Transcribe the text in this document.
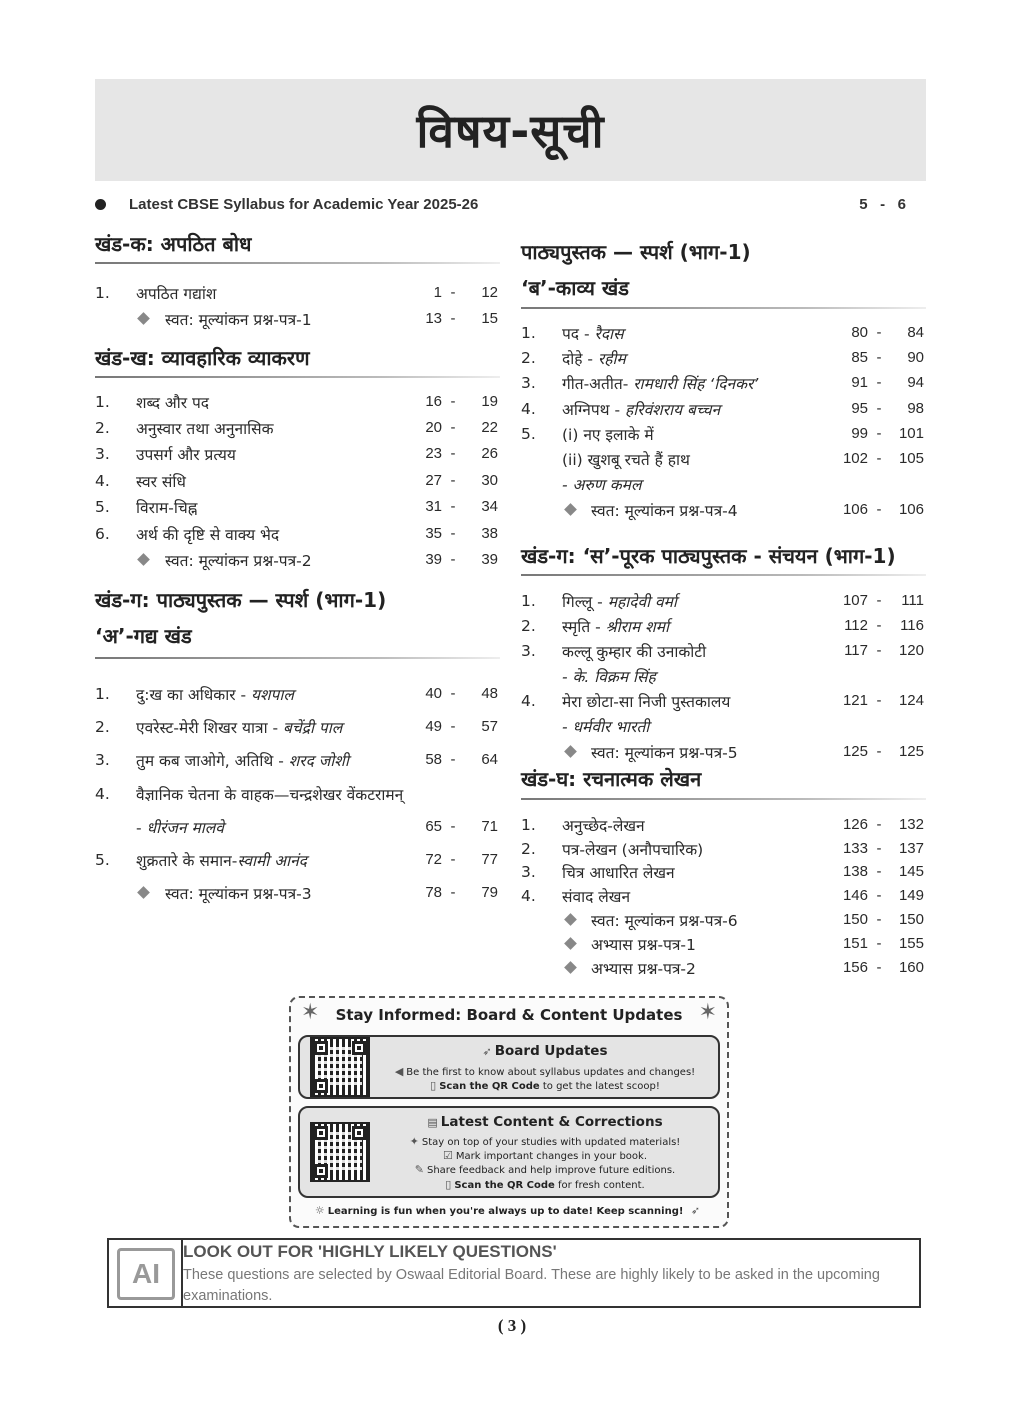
विषय-सूची
Latest CBSE Syllabus for Academic Year 2025-26	5 - 6
खंड-क: अपठित बोध
1.	अपठित गद्यांश	1 - 12
स्वत: मूल्यांकन प्रश्न-पत्र-1	13 - 15
खंड-ख: व्यावहारिक व्याकरण
1.	शब्द और पद	16 - 19
2.	अनुस्वार तथा अनुनासिक	20 - 22
3.	उपसर्ग और प्रत्यय	23 - 26
4.	स्वर संधि	27 - 30
5.	विराम-चिह्न	31 - 34
6.	अर्थ की दृष्टि से वाक्य भेद	35 - 38
स्वत: मूल्यांकन प्रश्न-पत्र-2	39 - 39
खंड-ग: पाठ्यपुस्तक — स्पर्श (भाग-1)
‘अ’-गद्य खंड
1.	दु:ख का अधिकार - यशपाल	40 - 48
2.	एवरेस्ट-मेरी शिखर यात्रा - बचेंद्री पाल	49 - 57
3.	तुम कब जाओगे, अतिथि - शरद जोशी	58 - 64
4.	वैज्ञानिक चेतना के वाहक—चन्द्रशेखर वेंकटरामन्
- धीरंजन मालवे	65 - 71
5.	शुक्रतारे के समान-स्वामी आनंद	72 - 77
स्वत: मूल्यांकन प्रश्न-पत्र-3	78 - 79
पाठ्यपुस्तक — स्पर्श (भाग-1)
‘ब’-काव्य खंड
1.	पद - रैदास	80 - 84
2.	दोहे - रहीम	85 - 90
3.	गीत-अतीत- रामधारी सिंह ‘दिनकर’	91 - 94
4.	अग्निपथ - हरिवंशराय बच्चन	95 - 98
5.	(i) नए इलाके में	99 - 101
(ii) खुशबू रचते हैं हाथ	102 - 105
- अरुण कमल
स्वत: मूल्यांकन प्रश्न-पत्र-4	106 - 106
खंड-ग: ‘स’-पूरक पाठ्यपुस्तक - संचयन (भाग-1)
1.	गिल्लू - महादेवी वर्मा	107 - 111
2.	स्मृति - श्रीराम शर्मा	112 - 116
3.	कल्लू कुम्हार की उनाकोटी	117 - 120
- के. विक्रम सिंह
4.	मेरा छोटा-सा निजी पुस्तकालय	121 - 124
- धर्मवीर भारती
स्वत: मूल्यांकन प्रश्न-पत्र-5	125 - 125
खंड-घ: रचनात्मक लेखन
1.	अनुच्छेद-लेखन	126 - 132
2.	पत्र-लेखन (अनौपचारिक)	133 - 137
3.	चित्र आधारित लेखन	138 - 145
4.	संवाद लेखन	146 - 149
स्वत: मूल्यांकन प्रश्न-पत्र-6	150 - 150
अभ्यास प्रश्न-पत्र-1	151 - 155
अभ्यास प्रश्न-पत्र-2	156 - 160
✶	✶
Stay Informed: Board & Content Updates
➶ Board Updates
◀ Be the first to know about syllabus updates and changes!
▯ Scan the QR Code to get the latest scoop!
▤ Latest Content & Corrections
✦ Stay on top of your studies with updated materials!
☑ Mark important changes in your book.
✎ Share feedback and help improve future editions.
▯ Scan the QR Code for fresh content.
☼ Learning is fun when you're always up to date! Keep scanning! ➶
AI
LOOK OUT FOR 'HIGHLY LIKELY QUESTIONS'
These questions are selected by Oswaal Editorial Board. These are highly likely to be asked in the upcoming examinations.
( 3 )
